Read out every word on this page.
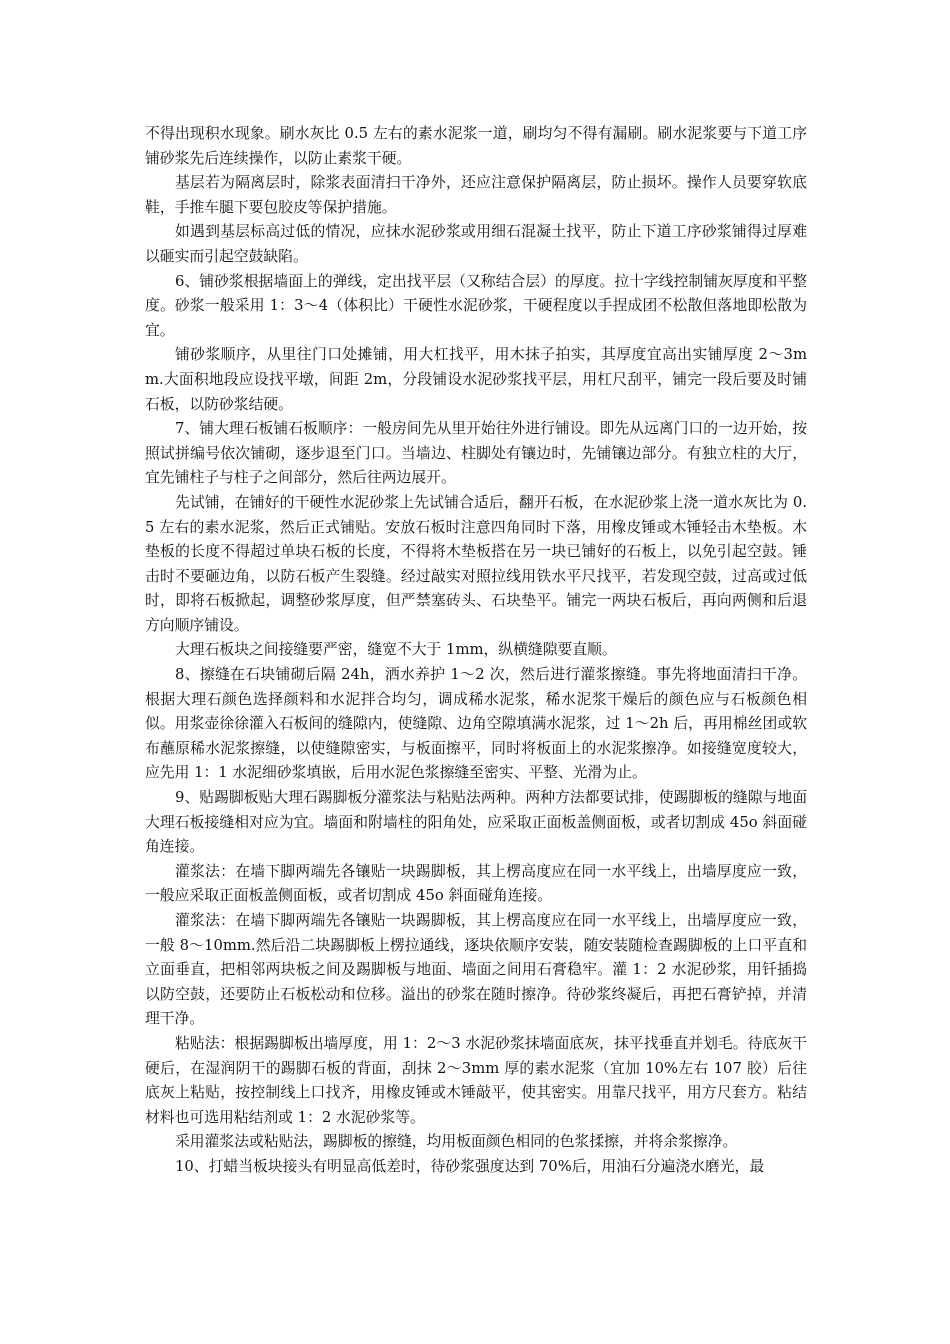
不得出现积水现象。刷水灰比 0.5 左右的素水泥浆一道，刷均匀不得有漏刷。刷水泥浆要与下道工序铺砂浆先后连续操作，以防止素浆干硬。

基层若为隔离层时，除浆表面清扫干净外，还应注意保护隔离层，防止损坏。操作人员要穿软底鞋，手推车腿下要包胶皮等保护措施。

如遇到基层标高过低的情况，应抹水泥砂浆或用细石混凝土找平，防止下道工序砂浆铺得过厚难以砸实而引起空鼓缺陷。

6、铺砂浆根据墙面上的弹线，定出找平层（又称结合层）的厚度。拉十字线控制铺灰厚度和平整度。砂浆一般采用 1：3～4（体积比）干硬性水泥砂浆，干硬程度以手捏成团不松散但落地即松散为宜。

铺砂浆顺序，从里往门口处摊铺，用大杠找平，用木抹子拍实，其厚度宜高出实铺厚度 2～3mm.大面积地段应设找平墩，间距 2m，分段铺设水泥砂浆找平层，用杠尺刮平，铺完一段后要及时铺石板，以防砂浆结硬。

7、铺大理石板铺石板顺序：一般房间先从里开始往外进行铺设。即先从远离门口的一边开始，按照试拼编号依次铺砌，逐步退至门口。当墙边、柱脚处有镶边时，先铺镶边部分。有独立柱的大厅，宜先铺柱子与柱子之间部分，然后往两边展开。

先试铺，在铺好的干硬性水泥砂浆上先试铺合适后，翻开石板，在水泥砂浆上浇一道水灰比为 0.5 左右的素水泥浆，然后正式铺贴。安放石板时注意四角同时下落，用橡皮锤或木锤轻击木垫板。木垫板的长度不得超过单块石板的长度，不得将木垫板搭在另一块已铺好的石板上，以免引起空鼓。锤击时不要砸边角，以防石板产生裂缝。经过敲实对照拉线用铁水平尺找平，若发现空鼓，过高或过低时，即将石板掀起，调整砂浆厚度，但严禁塞砖头、石块垫平。铺完一两块石板后，再向两侧和后退方向顺序铺设。

大理石板块之间接缝要严密，缝宽不大于 1mm，纵横缝隙要直顺。

8、擦缝在石块铺砌后隔 24h，洒水养护 1～2 次，然后进行灌浆擦缝。事先将地面清扫干净。根据大理石颜色选择颜料和水泥拌合均匀，调成稀水泥浆，稀水泥浆干燥后的颜色应与石板颜色相似。用浆壶徐徐灌入石板间的缝隙内，使缝隙、边角空隙填满水泥浆，过 1～2h 后，再用棉丝团或软布蘸原稀水泥浆擦缝，以使缝隙密实，与板面擦平，同时将板面上的水泥浆擦净。如接缝宽度较大，应先用 1：1 水泥细砂浆填嵌，后用水泥色浆擦缝至密实、平整、光滑为止。

9、贴踢脚板贴大理石踢脚板分灌浆法与粘贴法两种。两种方法都要试排，使踢脚板的缝隙与地面大理石板接缝相对应为宜。墙面和附墙柱的阳角处，应采取正面板盖侧面板，或者切割成 45o 斜面碰角连接。

灌浆法：在墙下脚两端先各镶贴一块踢脚板，其上楞高度应在同一水平线上，出墙厚度应一致，一般应采取正面板盖侧面板，或者切割成 45o 斜面碰角连接。

灌浆法：在墙下脚两端先各镶贴一块踢脚板，其上楞高度应在同一水平线上，出墙厚度应一致，一般 8～10mm.然后沿二块踢脚板上楞拉通线，逐块依顺序安装，随安装随检查踢脚板的上口平直和立面垂直，把相邻两块板之间及踢脚板与地面、墙面之间用石膏稳牢。灌 1：2 水泥砂浆，用钎插捣以防空鼓，还要防止石板松动和位移。溢出的砂浆在随时擦净。待砂浆终凝后，再把石膏铲掉，并清理干净。

粘贴法：根据踢脚板出墙厚度，用 1：2～3 水泥砂浆抹墙面底灰，抹平找垂直并划毛。待底灰干硬后，在湿润阴干的踢脚石板的背面，刮抹 2～3mm 厚的素水泥浆（宜加 10%左右 107 胶）后往底灰上粘贴，按控制线上口找齐，用橡皮锤或木锤敲平，使其密实。用靠尺找平，用方尺套方。粘结材料也可选用粘结剂或 1：2 水泥砂浆等。

采用灌浆法或粘贴法，踢脚板的擦缝，均用板面颜色相同的色浆揉擦，并将余浆擦净。

10、打蜡当板块接头有明显高低差时，待砂浆强度达到 70%后，用油石分遍浇水磨光，最
